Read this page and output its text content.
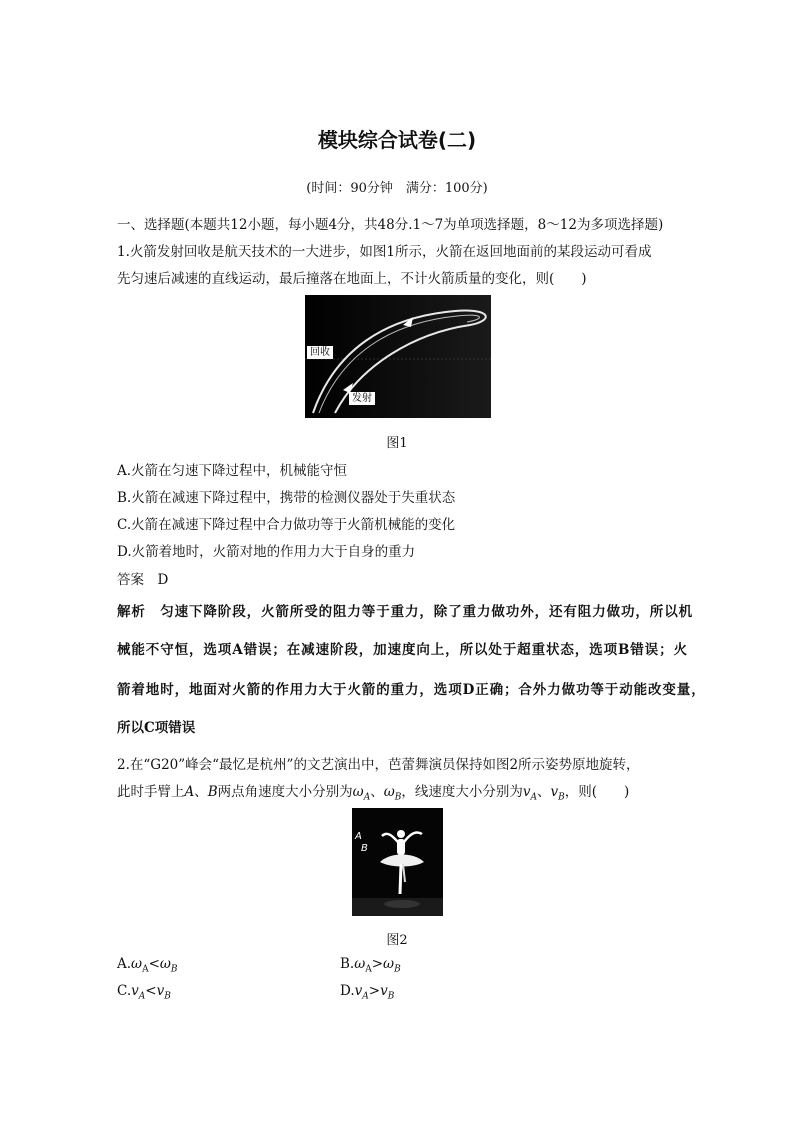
模块综合试卷(二)
(时间：90分钟　满分：100分)
一、选择题(本题共12小题，每小题4分，共48分.1～7为单项选择题，8～12为多项选择题)
1.火箭发射回收是航天技术的一大进步，如图1所示，火箭在返回地面前的某段运动可看成
先匀速后减速的直线运动，最后撞落在地面上，不计火箭质量的变化，则(　　)
回收
发射
图1
A.火箭在匀速下降过程中，机械能守恒
B.火箭在减速下降过程中，携带的检测仪器处于失重状态
C.火箭在减速下降过程中合力做功等于火箭机械能的变化
D.火箭着地时，火箭对地的作用力大于自身的重力
答案　D
解析　匀速下降阶段，火箭所受的阻力等于重力，除了重力做功外，还有阻力做功，所以机
械能不守恒，选项A错误；在减速阶段，加速度向上，所以处于超重状态，选项B错误；火
箭着地时，地面对火箭的作用力大于火箭的重力，选项D正确；合外力做功等于动能改变量，
所以C项错误
2.在“G20”峰会“最忆是杭州”的文艺演出中，芭蕾舞演员保持如图2所示姿势原地旋转，
此时手臂上A、B两点角速度大小分别为$\omega_A$、$\omega_B$，线速度大小分别为$v_A$、$v_B$，则(　　)
A
B
图2
$A.\omega_A<\omega_B$	$B.\omega_A>\omega_B$
$C.v_A<v_B$	$D.v_A>v_B$
